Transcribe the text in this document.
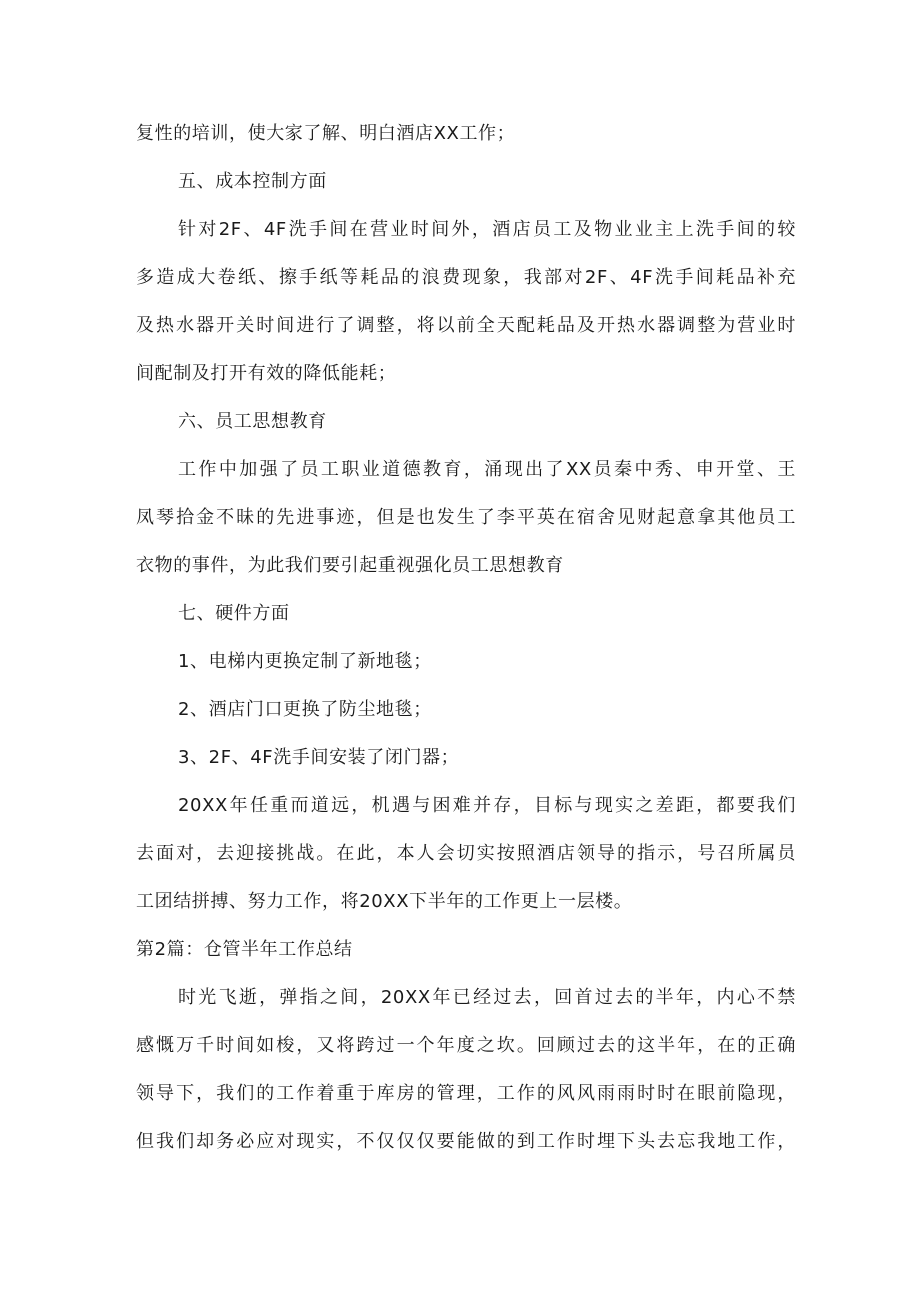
复性的培训，使大家了解、明白酒店XX工作；
五、成本控制方面
针对2F、4F洗手间在营业时间外，酒店员工及物业业主上洗手间的较
多造成大卷纸、擦手纸等耗品的浪费现象，我部对2F、4F洗手间耗品补充
及热水器开关时间进行了调整，将以前全天配耗品及开热水器调整为营业时
间配制及打开有效的降低能耗；
六、员工思想教育
工作中加强了员工职业道德教育，涌现出了XX员秦中秀、申开堂、王
凤琴拾金不昧的先进事迹，但是也发生了李平英在宿舍见财起意拿其他员工
衣物的事件，为此我们要引起重视强化员工思想教育
七、硬件方面
1、电梯内更换定制了新地毯；
2、酒店门口更换了防尘地毯；
3、2F、4F洗手间安装了闭门器；
20XX年任重而道远，机遇与困难并存，目标与现实之差距，都要我们
去面对，去迎接挑战。在此，本人会切实按照酒店领导的指示，号召所属员
工团结拼搏、努力工作，将20XX下半年的工作更上一层楼。
第2篇：仓管半年工作总结
时光飞逝，弹指之间，20XX年已经过去，回首过去的半年，内心不禁
感慨万千时间如梭，又将跨过一个年度之坎。回顾过去的这半年，在的正确
领导下，我们的工作着重于库房的管理，工作的风风雨雨时时在眼前隐现，
但我们却务必应对现实，不仅仅仅要能做的到工作时埋下头去忘我地工作，
